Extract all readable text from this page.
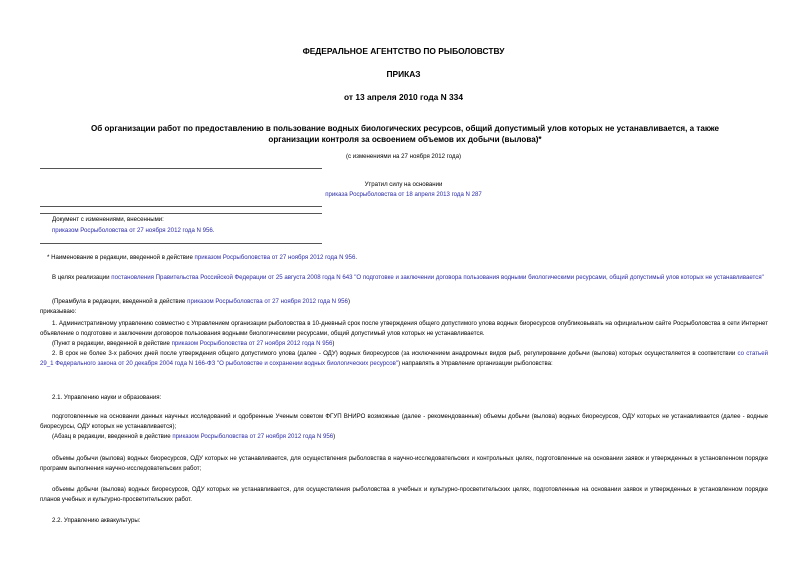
ФЕДЕРАЛЬНОЕ АГЕНТСТВО ПО РЫБОЛОВСТВУ
ПРИКАЗ
от 13 апреля 2010 года N 334
Об организации работ по предоставлению в пользование водных биологических ресурсов, общий допустимый улов которых не устанавливается, а также
организации контроля за освоением объемов их добычи (вылова)*
(с изменениями на 27 ноября 2012 года)
Утратил силу на основании
приказа Росрыболовства от 18 апреля 2013 года N 287
Документ с изменениями, внесенными:
приказом Росрыболовства от 27 ноября 2012 года N 956.
* Наименование в редакции, введенной в действие приказом Росрыболовства от 27 ноября 2012 года N 956.
В целях реализации постановления Правительства Российской Федерации от 25 августа 2008 года N 643 "О подготовке и заключении договора пользования водными биологическими ресурсами, общий допустимый улов которых не устанавливается"
(Преамбула в редакции, введенной в действие приказом Росрыболовства от 27 ноября 2012 года N 956)
приказываю:
1. Административному управлению совместно с Управлением организации рыболовства в 10-дневный срок после утверждения общего допустимого улова водных биоресурсов опубликовывать на официальном сайте Росрыболовства в сети Интернет объявление о подготовке и заключении договоров пользования водными биологическими ресурсами, общий допустимый улов которых не устанавливается.
(Пункт в редакции, введенной в действие приказом Росрыболовства от 27 ноября 2012 года N 956)
2. В срок не более 3-х рабочих дней после утверждения общего допустимого улова (далее - ОДУ) водных биоресурсов (за исключением анадромных видов рыб, регулирование добычи (вылова) которых осуществляется в соответствии со статьей 29_1 Федерального закона от 20 декабря 2004 года N 166-ФЗ "О рыболовстве и сохранении водных биологических ресурсов") направлять в Управление организации рыболовства:
2.1. Управлению науки и образования:
подготовленные на основании данных научных исследований и одобренные Ученым советом ФГУП ВНИРО возможные (далее - рекомендованные) объемы добычи (вылова) водных биоресурсов, ОДУ которых не устанавливается (далее - водные биоресурсы, ОДУ которых не устанавливается);
(Абзац в редакции, введенной в действие приказом Росрыболовства от 27 ноября 2012 года N 956)
объемы добычи (вылова) водных биоресурсов, ОДУ которых не устанавливается, для осуществления рыболовства в научно-исследовательских и контрольных целях, подготовленные на основании заявок и утвержденных в установленном порядке программ выполнения научно-исследовательских работ;
объемы добычи (вылова) водных биоресурсов, ОДУ которых не устанавливается, для осуществления рыболовства в учебных и культурно-просветительских целях, подготовленные на основании заявок и утвержденных в установленном порядке планов учебных и культурно-просветительских работ.
2.2. Управлению аквакультуры:
